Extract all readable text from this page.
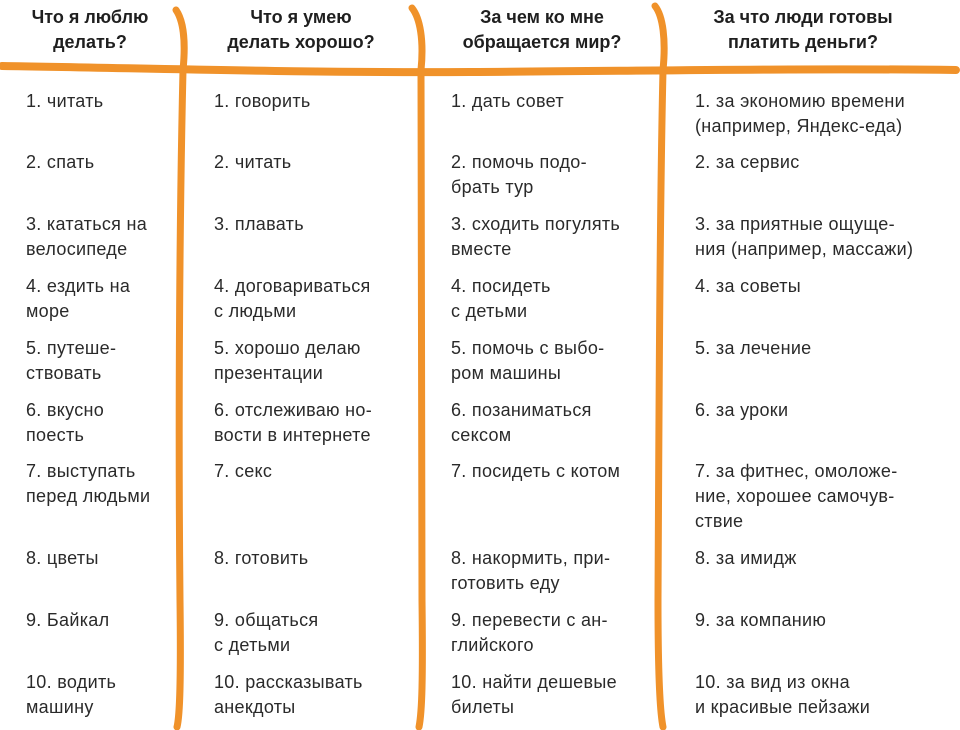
Что я люблю
делать?
Что я умею
делать хорошо?
За чем ко мне
обращается мир?
За что люди готовы
платить деньги?
1. читать
2. спать
3. кататься на
велосипеде
4. ездить на
море
5. путеше-
ствовать
6. вкусно
поесть
7. выступать
перед людьми
8. цветы
9. Байкал
10. водить
машину
1. говорить
2. читать
3. плавать
4. договариваться
с людьми
5. хорошо делаю
презентации
6. отслеживаю но-
вости в интернете
7. секс
8. готовить
9. общаться
с детьми
10. рассказывать
анекдоты
1. дать совет
2. помочь подо-
брать тур
3. сходить погулять
вместе
4. посидеть
с детьми
5. помочь с выбо-
ром машины
6. позаниматься
сексом
7. посидеть с котом
8. накормить, при-
готовить еду
9. перевести с ан-
глийского
10. найти дешевые
билеты
1. за экономию времени
(например, Яндекс-еда)
2. за сервис
3. за приятные ощуще-
ния (например, массажи)
4. за советы
5. за лечение
6. за уроки
7. за фитнес, омоложе-
ние, хорошее самочув-
ствие
8. за имидж
9. за компанию
10. за вид из окна
и красивые пейзажи
